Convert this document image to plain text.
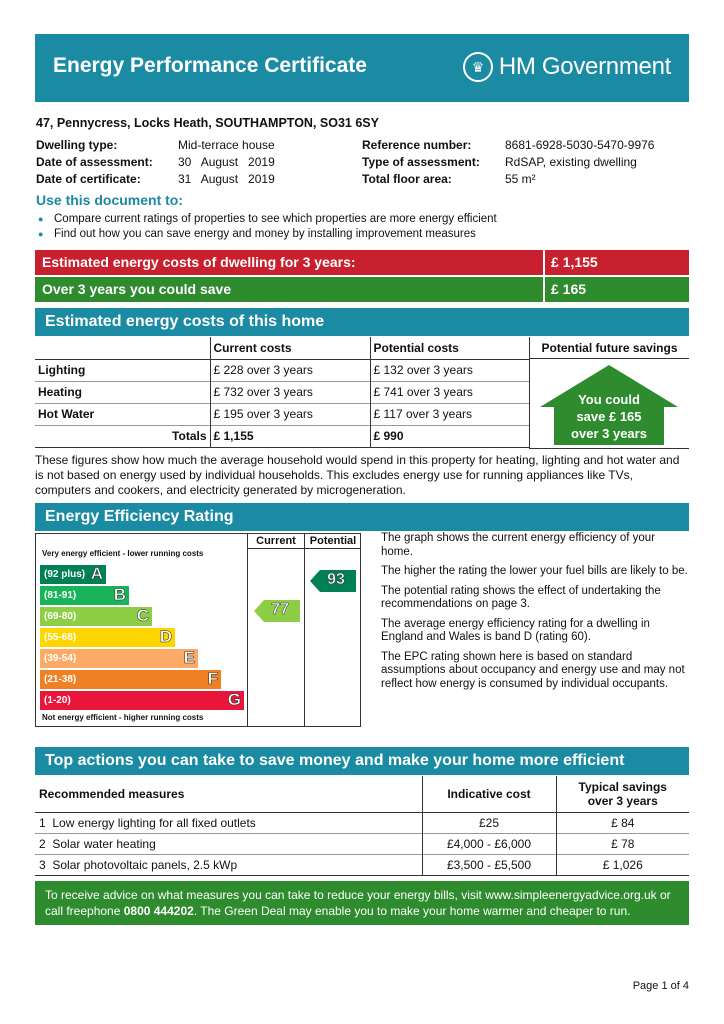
Energy Performance Certificate	♛ HM Government
47, Pennycress, Locks Heath, SOUTHAMPTON, SO31 6SY
Dwelling type:	Mid-terrace house
Date of assessment: 30   August   2019
Date of certificate:	31   August   2019
Reference number:	8681-6928-5030-5470-9976
Type of assessment: RdSAP, existing dwelling
Total floor area:	55 m²
Use this document to:
● Compare current ratings of properties to see which properties are more energy efficient
● Find out how you can save energy and money by installing improvement measures
Estimated energy costs of dwelling for 3 years:	£ 1,155
Over 3 years you could save	£ 165
Estimated energy costs of this home
	Current costs	Potential costs
Lighting	£ 228 over 3 years	£ 132 over 3 years
Heating	£ 732 over 3 years	£ 741 over 3 years
Hot Water	£ 195 over 3 years	£ 117 over 3 years
Totals	£ 1,155	£ 990
Potential future savings
You could
save £ 165
over 3 years

These figures show how much the average household would spend in this property for heating, lighting and hot water and is not based on energy used by individual households. This excludes energy use for running appliances like TVs, computers and cookers, and electricity generated by microgeneration.

Energy Efficiency Rating
Very energy efficient - lower running costs
(92 plus) A
(81-91) B
(69-80)	C
(55-68)	D
(39-54)	E
(21-38)	F
(1-20)	G
Not energy efficient - higher running costs
Current	Potential
77
93

The graph shows the current energy efficiency of your home.

The higher the rating the lower your fuel bills are likely to be.

The potential rating shows the effect of undertaking the recommendations on page 3.

The average energy efficiency rating for a dwelling in England and Wales is band D (rating 60).

The EPC rating shown here is based on standard assumptions about occupancy and energy use and may not reflect how energy is consumed by individual occupants.

Top actions you can take to save money and make your home more efficient
Recommended measures	Indicative cost	Typical savings
over 3 years

1 Low energy lighting for all fixed outlets	£25	£ 84
2 Solar water heating	£4,000 - £6,000	£ 78
3 Solar photovoltaic panels, 2.5 kWp	£3,500 - £5,500	£ 1,026
To receive advice on what measures you can take to reduce your energy bills, visit www.simpleenergyadvice.org.uk or
call freephone 0800 444202. The Green Deal may enable you to make your home warmer and cheaper to run.
Page 1 of 4
